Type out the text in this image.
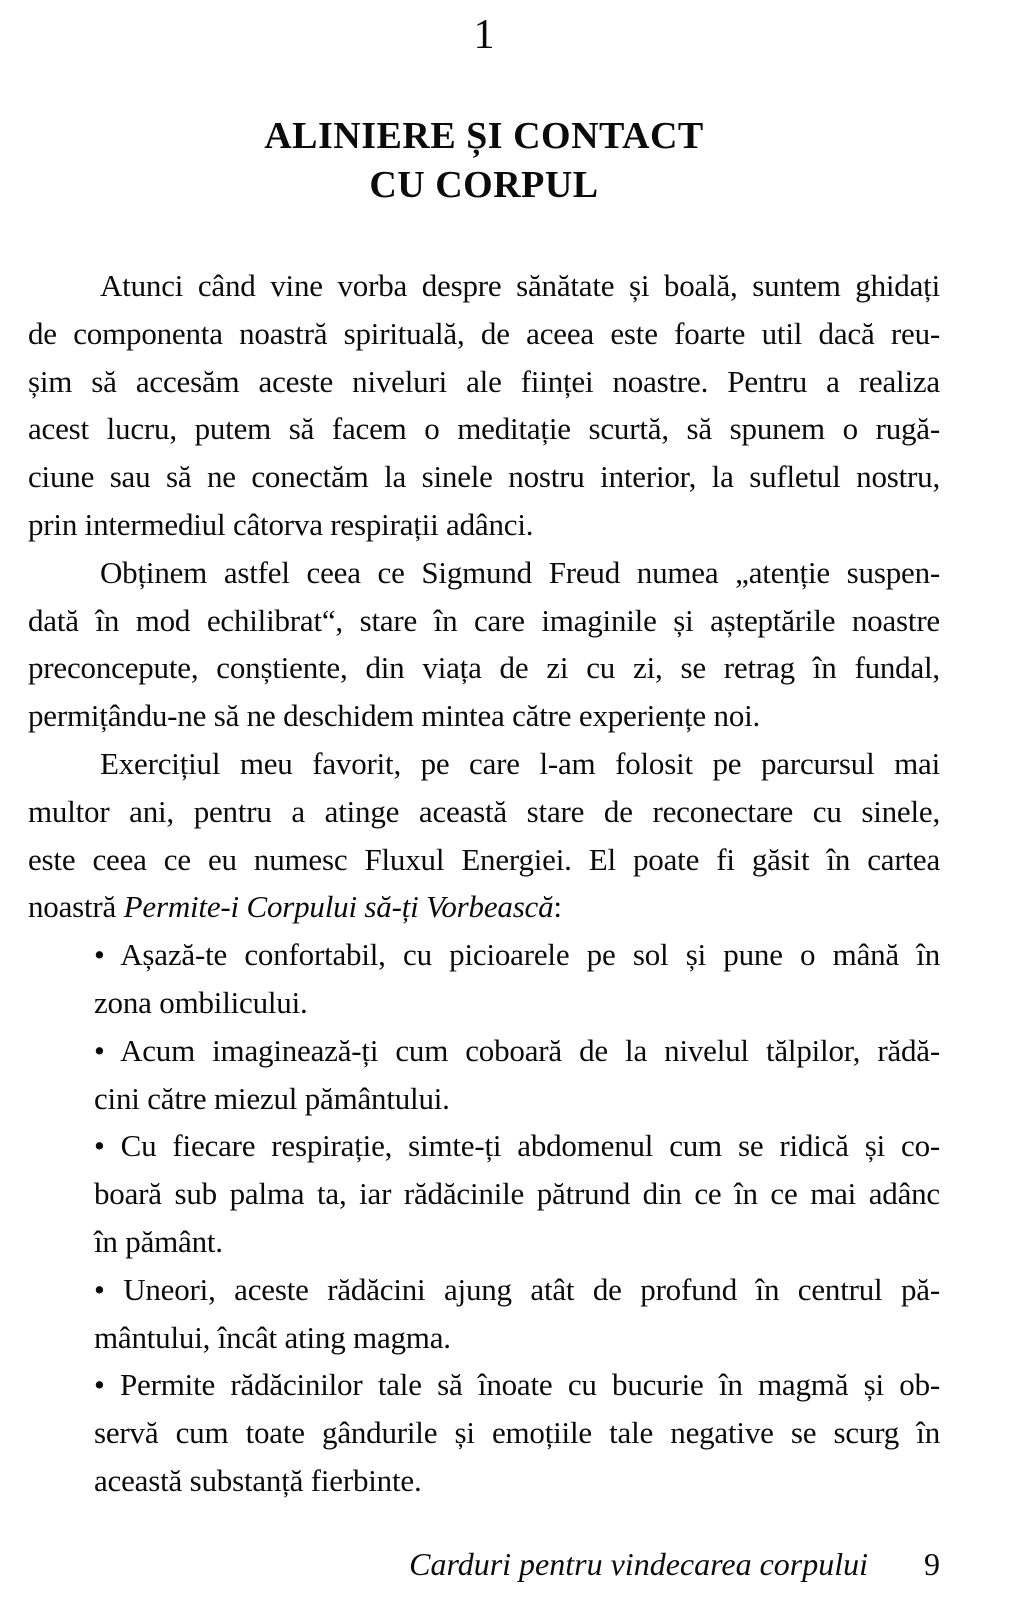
1
ALINIERE ȘI CONTACT
CU CORPUL
Atunci când vine vorba despre sănătate și boală, suntem ghidați
de componenta noastră spirituală, de aceea este foarte util dacă reu-
șim să accesăm aceste niveluri ale ființei noastre. Pentru a realiza
acest lucru, putem să facem o meditație scurtă, să spunem o rugă-
ciune sau să ne conectăm la sinele nostru interior, la sufletul nostru,
prin intermediul câtorva respirații adânci.
Obținem astfel ceea ce Sigmund Freud numea „atenție suspen-
dată în mod echilibrat“, stare în care imaginile și așteptările noastre
preconcepute, conștiente, din viața de zi cu zi, se retrag în fundal,
permițându-ne să ne deschidem mintea către experiențe noi.
Exercițiul meu favorit, pe care l-am folosit pe parcursul mai
multor ani, pentru a atinge această stare de reconectare cu sinele,
este ceea ce eu numesc Fluxul Energiei. El poate fi găsit în cartea
noastră Permite-i Corpului să-ți Vorbească:
• Așază-te confortabil, cu picioarele pe sol și pune o mână în
zona ombilicului.
• Acum imaginează-ți cum coboară de la nivelul tălpilor, rădă-
cini către miezul pământului.
• Cu fiecare respirație, simte-ți abdomenul cum se ridică și co-
boară sub palma ta, iar rădăcinile pătrund din ce în ce mai adânc
în pământ.
• Uneori, aceste rădăcini ajung atât de profund în centrul pă-
mântului, încât ating magma.
• Permite rădăcinilor tale să înoate cu bucurie în magmă și ob-
servă cum toate gândurile și emoțiile tale negative se scurg în
această substanță fierbinte.
Carduri pentru vindecarea corpului 9
